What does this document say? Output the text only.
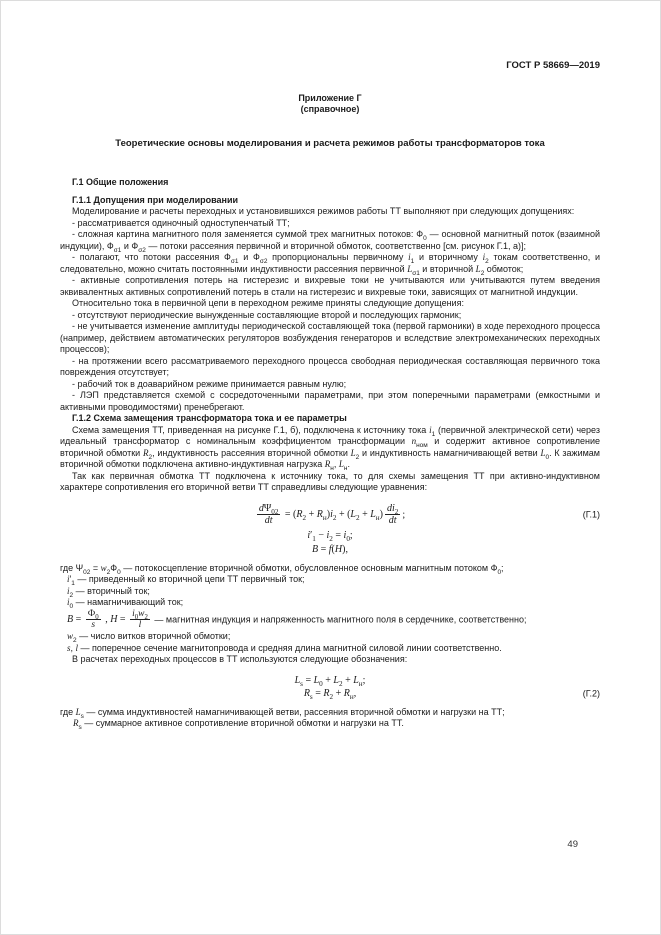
ГОСТ Р 58669—2019
Приложение Г
(справочное)
Теоретические основы моделирования и расчета режимов работы трансформаторов тока
Г.1 Общие положения
Г.1.1 Допущения при моделировании

Моделирование и расчеты переходных и установившихся режимов работы ТТ выполняют при следующих допущениях:

- рассматривается одиночный одноступенчатый ТТ;

- сложная картина магнитного поля заменяется суммой трех магнитных потоков: $Ф_0$ — основной магнитный поток (взаимной индукции), $Ф_{\sigma 1}$ и $Ф_{\sigma 2}$ — потоки рассеяния первичной и вторичной обмоток, соответственно [см. рисунок Г.1, а)];

- полагают, что потоки рассеяния $Ф_{\sigma 1}$ и $Ф_{\sigma 2}$ пропорциональны первичному $i_1$ и вторичному $i_2$ токам соответственно, и следовательно, можно считать постоянными индуктивности рассеяния первичной $L_{\sigma 1}$ и вторичной $L_2$ обмоток;

- активные сопротивления потерь на гистерезис и вихревые токи не учитываются или учитываются путем введения эквивалентных активных сопротивлений потерь в стали на гистерезис и вихревые токи, зависящих от магнитной индукции.

Относительно тока в первичной цепи в переходном режиме приняты следующие допущения:

- отсутствуют периодические вынужденные составляющие второй и последующих гармоник;

- не учитывается изменение амплитуды периодической составляющей тока (первой гармоники) в ходе переходного процесса (например, действием автоматических регуляторов возбуждения генераторов и вследствие электромеханических переходных процессов);

- на протяжении всего рассматриваемого переходного процесса свободная периодическая составляющая первичного тока повреждения отсутствует;

- рабочий ток в доаварийном режиме принимается равным нулю;

- ЛЭП представляется схемой с сосредоточенными параметрами, при этом поперечными параметрами (емкостными и активными проводимостями) пренебрегают.

Г.1.2 Схема замещения трансформатора тока и ее параметры

Схема замещения ТТ, приведенная на рисунке Г.1, б), подключена к источнику тока $i_1$ (первичной электрической сети) через идеальный трансформатор с номинальным коэффициентом трансформации $n_{ном}$ и содержит активное сопротивление вторичной обмотки $R_2$, индуктивность рассеяния вторичной обмотки $L_2$ и индуктивность намагничивающей ветви $L_0$. К зажимам вторичной обмотки подключена активно-индуктивная нагрузка $R_н$, $L_н$.

Так как первичная обмотка ТТ подключена к источнику тока, то для схемы замещения ТТ при активно-индуктивном характере сопротивления его вторичной ветви ТТ справедливы следующие уравнения:

$\frac{d\Psi_{02}}{dt} = (R_2 + R_н)i_2 + (L_2 + L_н) \frac{di_2}{dt}$ ;	(Г.1)
$i'_1 - i_2 = i_0$;
B = f(H),

где $\Psi_{02} = w_2Ф_0$ — потокосцепление вторичной обмотки, обусловленное основным магнитным потоком $Ф_0$;

$i'_1$ — приведенный ко вторичной цепи ТТ первичный ток;

$i_2$ — вторичный ток;

$i_0$ — намагничивающий ток;

$B = \frac{Ф_0}{s}$ , $H = \frac{i_0w_2}{l}$ — магнитная индукция и напряженность магнитного поля в сердечнике, соответственно;

$w_2$ — число витков вторичной обмотки;

s, l — поперечное сечение магнитопровода и средняя длина магнитной силовой линии соответственно.

В расчетах переходных процессов в ТТ используются следующие обозначения:

$L_s = L_0 + L_2 + L_н$;
$R_s = R_2 + R_н$,	(Г.2)

где $L_s$ — сумма индуктивностей намагничивающей ветви, рассеяния вторичной обмотки и нагрузки на ТТ;

$R_s$ — суммарное активное сопротивление вторичной обмотки и нагрузки на ТТ.

49
